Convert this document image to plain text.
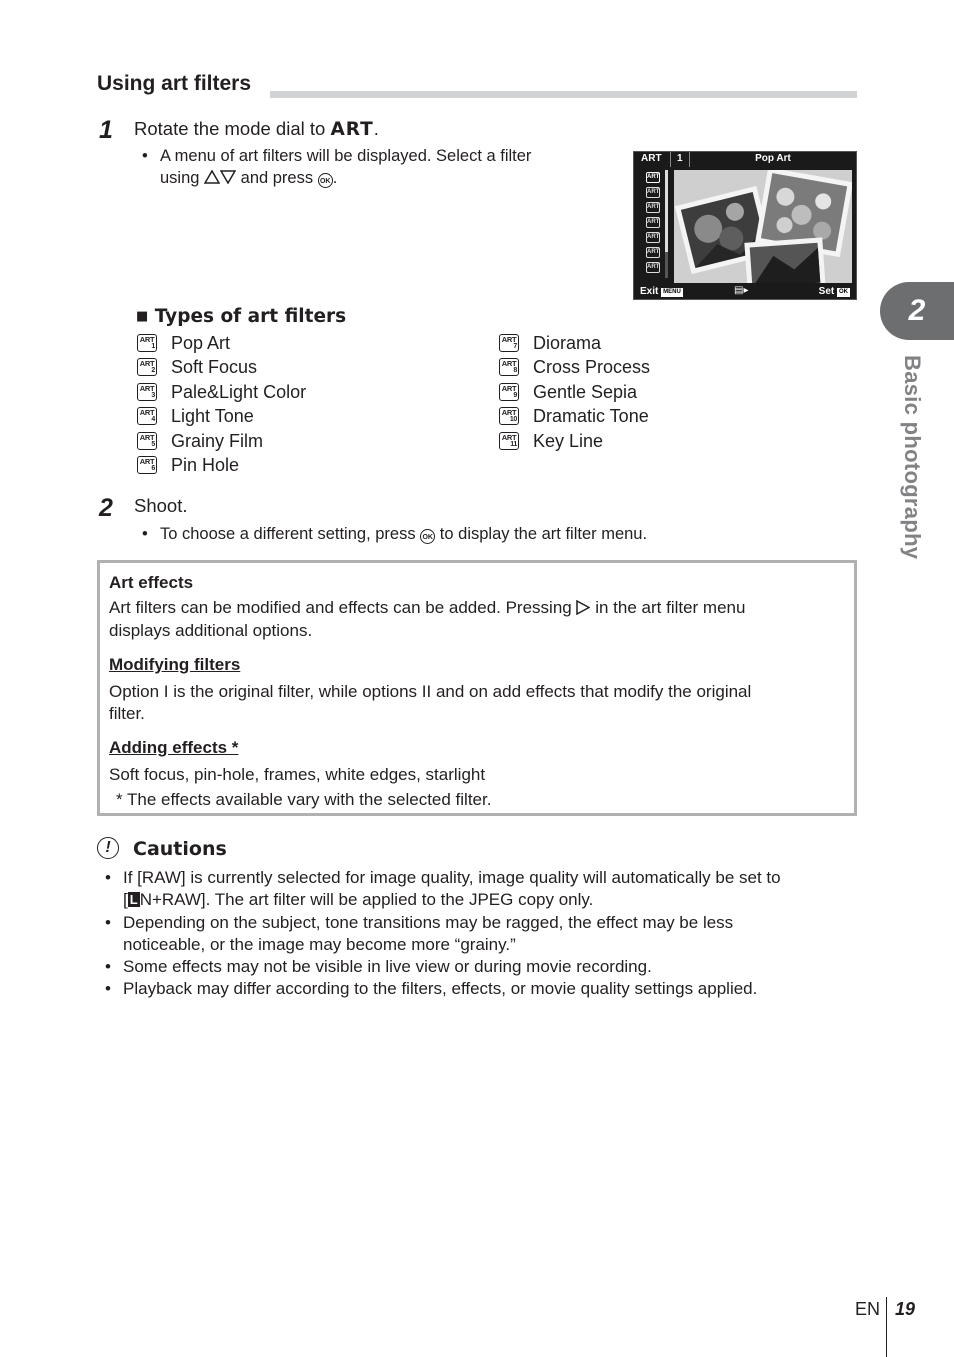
Using art filters
1 Rotate the mode dial to ART.
• A menu of art filters will be displayed. Select a filter
using and press OK .
ART 1	Pop Art
ART
ART
ART
ART
ART
ART
ART
Exit MENU	▤▸	Set OK
■ Types of art filters
ART
1 Pop Art
ART
2 Soft Focus
ART
3 Pale&Light Color
ART
4 Light Tone
ART
5 Grainy Film
ART
6 Pin Hole
ART
7 Diorama
ART
8 Cross Process
ART
9 Gentle Sepia
ART
10 Dramatic Tone
ART
11 Key Line
2 Shoot.
• To choose a different setting, press OK to display the art filter menu.
Art effects
Art filters can be modified and effects can be added. Pressing in the art filter menu
displays additional options.
Modifying filters
Option I is the original filter, while options II and on add effects that modify the original
filter.
Adding effects *
Soft focus, pin-hole, frames, white edges, starlight
* The effects available vary with the selected filter.
!	Cautions
• If [RAW] is currently selected for image quality, image quality will automatically be set to
[ L N+RAW]. The art filter will be applied to the JPEG copy only.
• Depending on the subject, tone transitions may be ragged, the effect may be less
noticeable, or the image may become more “grainy.”
• Some effects may not be visible in live view or during movie recording.
• Playback may differ according to the filters, effects, or movie quality settings applied.
2
Basic photography
EN 19
